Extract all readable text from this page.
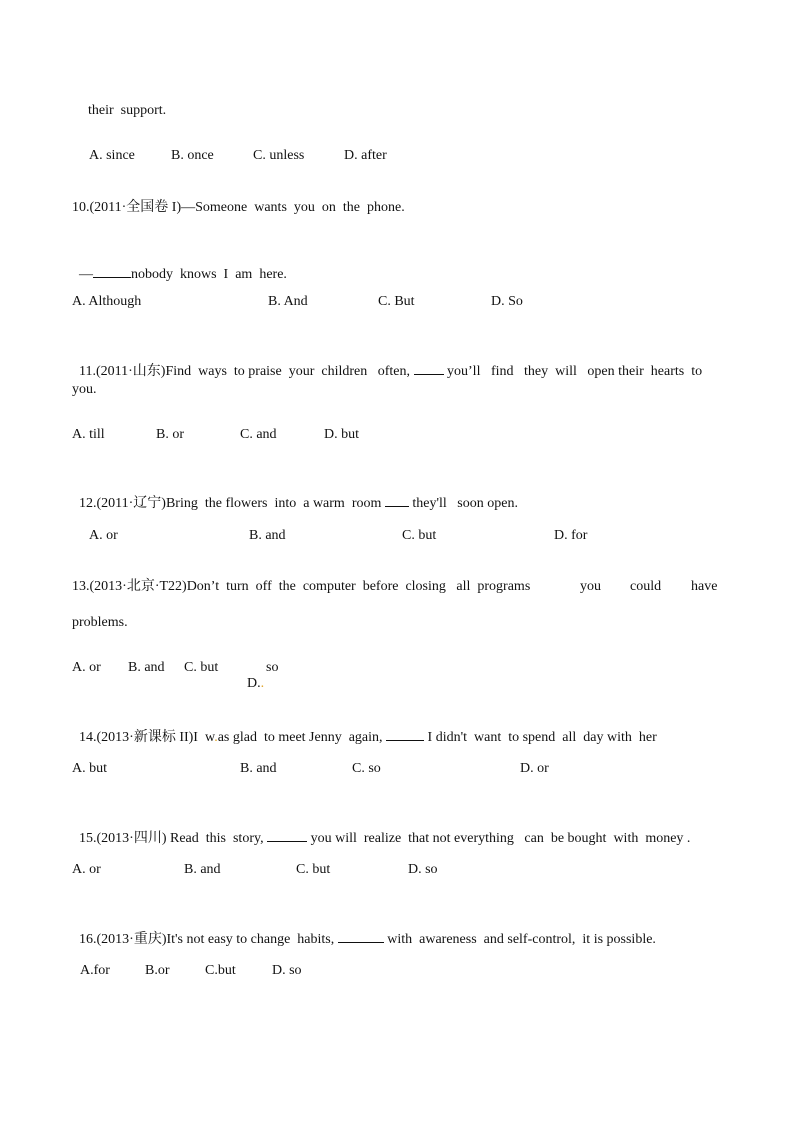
their  support.
A. since	B. once	C. unless	D. after
10.(2011·全国卷 I)—Someone  wants  you  on  the  phone.

—	nobody  knows  I  am  here.

A. Although	B. And	C. But	D. So

11.(2011·山东)Find  ways  to praise  your  children   often,	you’ll   find   they  will   open their  hearts  to

you.
A. till	B. or	C. and	D. but

12.(2011·辽宁)Bring  the flowers  into  a warm  room they'll   soon open.

A. or	B. and	C. but	D. for
13.(2013·北京·T22)Don’t  turn  off  the  computer  before  closing   all  programs	you could have
problems.
A. or B. and C. but

D..

so

14.(2013·新课标 II)I  w.as glad  to meet Jenny  again,	I didn't  want  to spend  all  day with  her

A. but	B. and	C. so	D. or

15.(2013·四川) Read  this  story,	you will  realize  that not everything   can  be bought  with  money .

A. or	B. and	C. but	D. so

16.(2013·重庆)It's not easy to change  habits,	with  awareness  and self-control,  it is possible.

A.for	B.or	C.but	D. so
